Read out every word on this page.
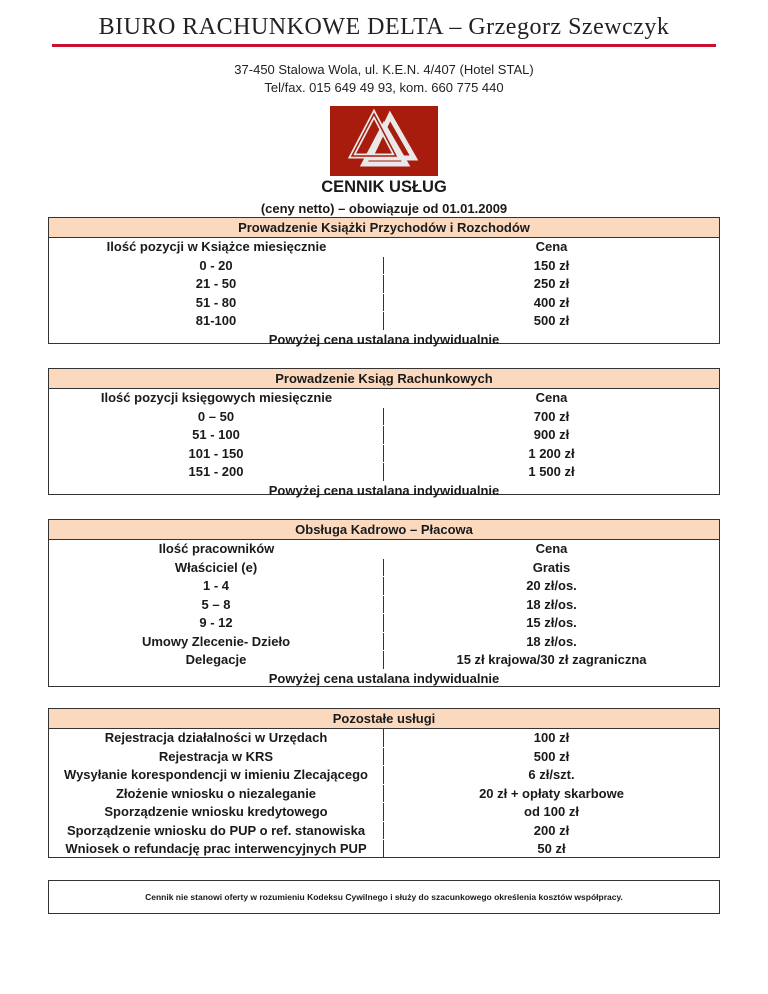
BIURO RACHUNKOWE DELTA – Grzegorz Szewczyk
37-450 Stalowa Wola, ul. K.E.N. 4/407 (Hotel STAL)
Tel/fax. 015 649 49 93, kom. 660 775 440
CENNIK USŁUG
(ceny netto) – obowiązuje od 01.01.2009
Prowadzenie Książki Przychodów i Rozchodów
Ilość pozycji w Książce miesięcznie	Cena
0 - 20	150 zł
21 - 50	250 zł
51 - 80	400 zł
81-100	500 zł
Powyżej cena ustalana indywidualnie
Prowadzenie Ksiąg Rachunkowych
Ilość pozycji księgowych miesięcznie	Cena
0 – 50	700 zł
51 - 100	900 zł
101 - 150	1 200 zł
151 - 200	1 500 zł
Powyżej cena ustalana indywidualnie
Obsługa Kadrowo – Płacowa
Ilość pracowników	Cena
Właściciel (e)	Gratis
1 - 4	20 zł/os.
5 – 8	18 zł/os.
9 - 12	15 zł/os.
Umowy Zlecenie- Dzieło	18 zł/os.
Delegacje	15 zł krajowa/30 zł zagraniczna
Powyżej cena ustalana indywidualnie
Pozostałe usługi
Rejestracja działalności w Urzędach	100 zł
Rejestracja w KRS	500 zł
Wysyłanie korespondencji w imieniu Zlecającego	6 zł/szt.
Złożenie wniosku o niezaleganie	20 zł + opłaty skarbowe
Sporządzenie wniosku kredytowego	od 100 zł
Sporządzenie wniosku do PUP o ref. stanowiska	200 zł
Wniosek o refundację prac interwencyjnych PUP	50 zł
Cennik nie stanowi oferty w rozumieniu Kodeksu Cywilnego i służy do szacunkowego określenia kosztów współpracy.
